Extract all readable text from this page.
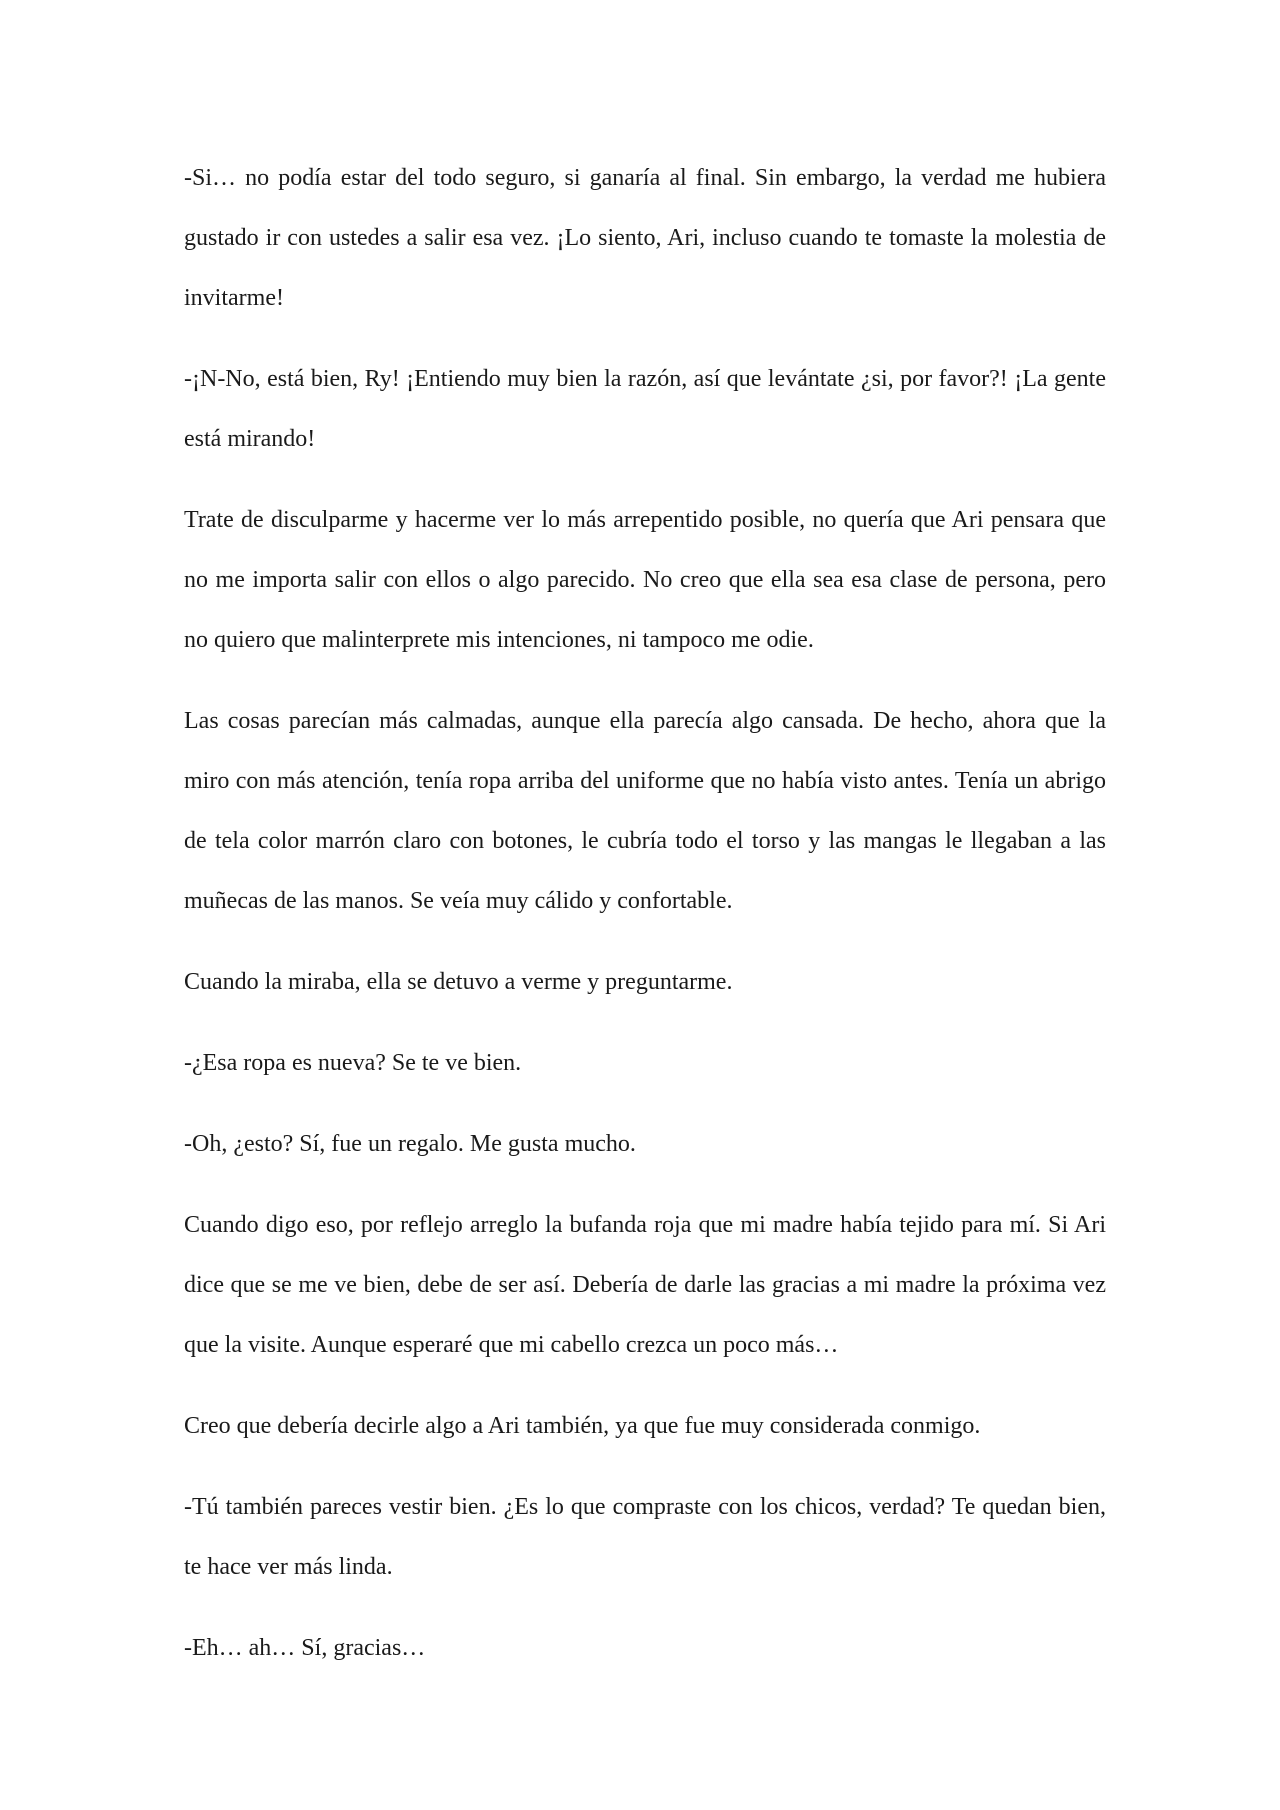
-Si… no podía estar del todo seguro, si ganaría al final. Sin embargo, la verdad me hubiera gustado ir con ustedes a salir esa vez. ¡Lo siento, Ari, incluso cuando te tomaste la molestia de invitarme!

-¡N-No, está bien, Ry! ¡Entiendo muy bien la razón, así que levántate ¿si, por favor?! ¡La gente está mirando!

Trate de disculparme y hacerme ver lo más arrepentido posible, no quería que Ari pensara que no me importa salir con ellos o algo parecido. No creo que ella sea esa clase de persona, pero no quiero que malinterprete mis intenciones, ni tampoco me odie.

Las cosas parecían más calmadas, aunque ella parecía algo cansada. De hecho, ahora que la miro con más atención, tenía ropa arriba del uniforme que no había visto antes. Tenía un abrigo de tela color marrón claro con botones, le cubría todo el torso y las mangas le llegaban a las muñecas de las manos. Se veía muy cálido y confortable.

Cuando la miraba, ella se detuvo a verme y preguntarme.

-¿Esa ropa es nueva? Se te ve bien.

-Oh, ¿esto? Sí, fue un regalo. Me gusta mucho.

Cuando digo eso, por reflejo arreglo la bufanda roja que mi madre había tejido para mí. Si Ari dice que se me ve bien, debe de ser así. Debería de darle las gracias a mi madre la próxima vez que la visite. Aunque esperaré que mi cabello crezca un poco más…

Creo que debería decirle algo a Ari también, ya que fue muy considerada conmigo.

-Tú también pareces vestir bien. ¿Es lo que compraste con los chicos, verdad? Te quedan bien, te hace ver más linda.

-Eh… ah… Sí, gracias…
